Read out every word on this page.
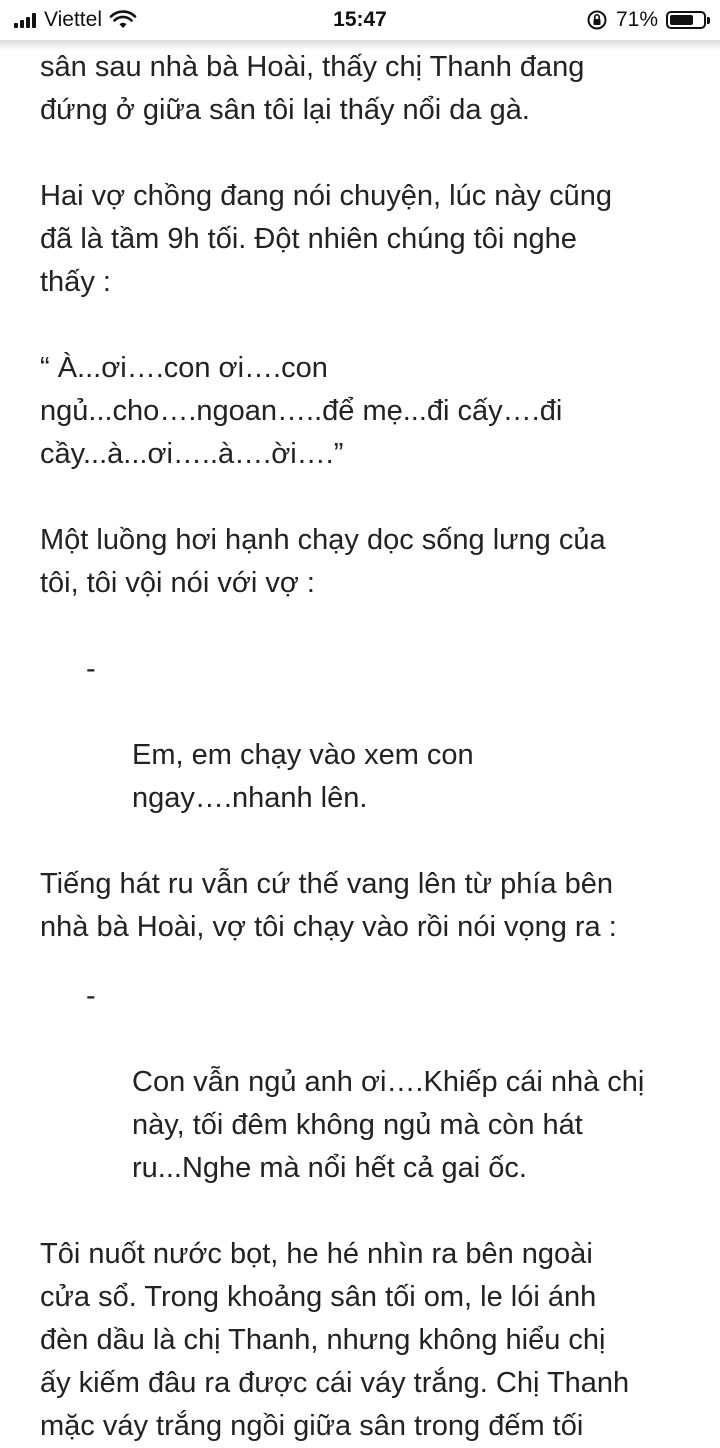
Viettel	15:47	71%

sân sau nhà bà Hoài, thấy chị Thanh đang
đứng ở giữa sân tôi lại thấy nổi da gà.

Hai vợ chồng đang nói chuyện, lúc này cũng
đã là tầm 9h tối. Đột nhiên chúng tôi nghe
thấy :

“ À...ơi….con ơi….con
ngủ...cho….ngoan…..để mẹ...đi cấy….đi
cầy...à...ơi…..à….ời….”

Một luồng hơi hạnh chạy dọc sống lưng của
tôi, tôi vội nói với vợ :

-

Em, em chạy vào xem con
ngay….nhanh lên.

Tiếng hát ru vẫn cứ thế vang lên từ phía bên
nhà bà Hoài, vợ tôi chạy vào rồi nói vọng ra :

-

Con vẫn ngủ anh ơi….Khiếp cái nhà chị
này, tối đêm không ngủ mà còn hát
ru...Nghe mà nổi hết cả gai ốc.

Tôi nuốt nước bọt, he hé nhìn ra bên ngoài
cửa sổ. Trong khoảng sân tối om, le lói ánh
đèn dầu là chị Thanh, nhưng không hiểu chị
ấy kiếm đâu ra được cái váy trắng. Chị Thanh
mặc váy trắng ngồi giữa sân trong đếm tối
